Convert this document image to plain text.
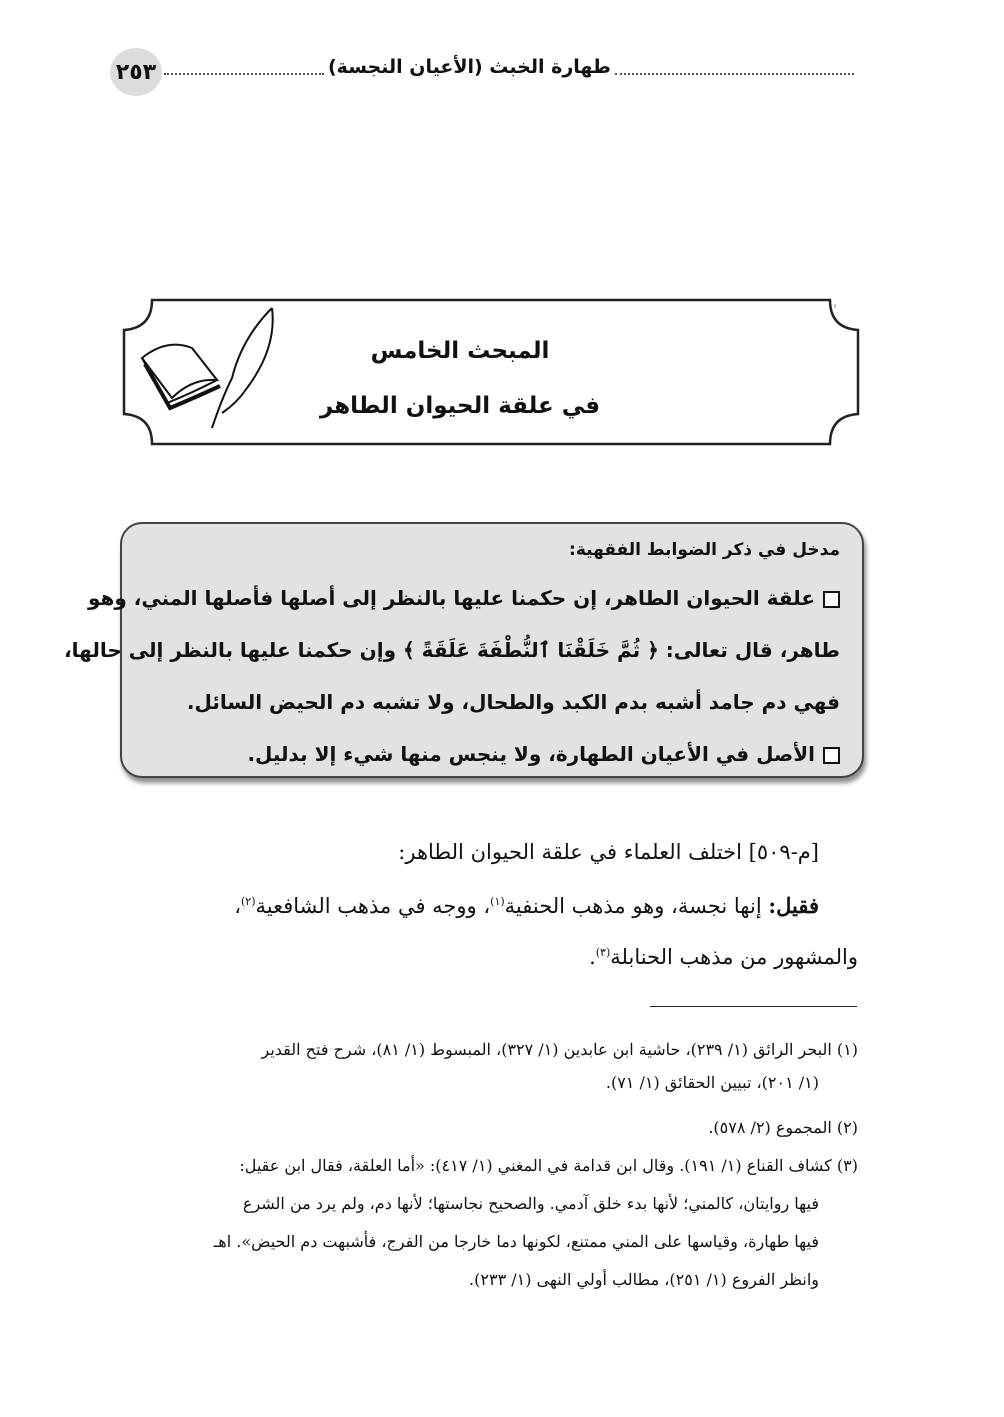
٢٥٣	طهارة الخبث (الأعيان النجسة)
المبحث الخامس
في علقة الحيوان الطاهر
مدخل في ذكر الضوابط الفقهية:
علقة الحيوان الطاهر، إن حكمنا عليها بالنظر إلى أصلها فأصلها المني، وهو
طاهر، قال تعالى: ﴿ ثُمَّ خَلَقْنَا ٱلنُّطْفَةَ عَلَقَةً ﴾ وإن حكمنا عليها بالنظر إلى حالها،
فهي دم جامد أشبه بدم الكبد والطحال، ولا تشبه دم الحيض السائل.
الأصل في الأعيان الطهارة، ولا ينجس منها شيء إلا بدليل.
[م-٥٠٩] اختلف العلماء في علقة الحيوان الطاهر:
فقيل: إنها نجسة، وهو مذهب الحنفية$^{(١)}$، ووجه في مذهب الشافعية$^{(٢)}$،
والمشهور من مذهب الحنابلة$^{(٣)}$.
(١) البحر الرائق (١/ ٢٣٩)، حاشية ابن عابدين (١/ ٣٢٧)، المبسوط (١/ ٨١)، شرح فتح القدير
(١/ ٢٠١)، تبيين الحقائق (١/ ٧١).
(٢) المجموع (٢/ ٥٧٨).
(٣) كشاف القناع (١/ ١٩١). وقال ابن قدامة في المغني (١/ ٤١٧): «أما العلقة، فقال ابن عقيل:
فيها روايتان، كالمني؛ لأنها بدء خلق آدمي. والصحيح نجاستها؛ لأنها دم، ولم يرد من الشرع
فيها طهارة، وقياسها على المني ممتنع، لكونها دما خارجا من الفرج، فأشبهت دم الحيض». اهـ
وانظر الفروع (١/ ٢٥١)، مطالب أولي النهى (١/ ٢٣٣).
